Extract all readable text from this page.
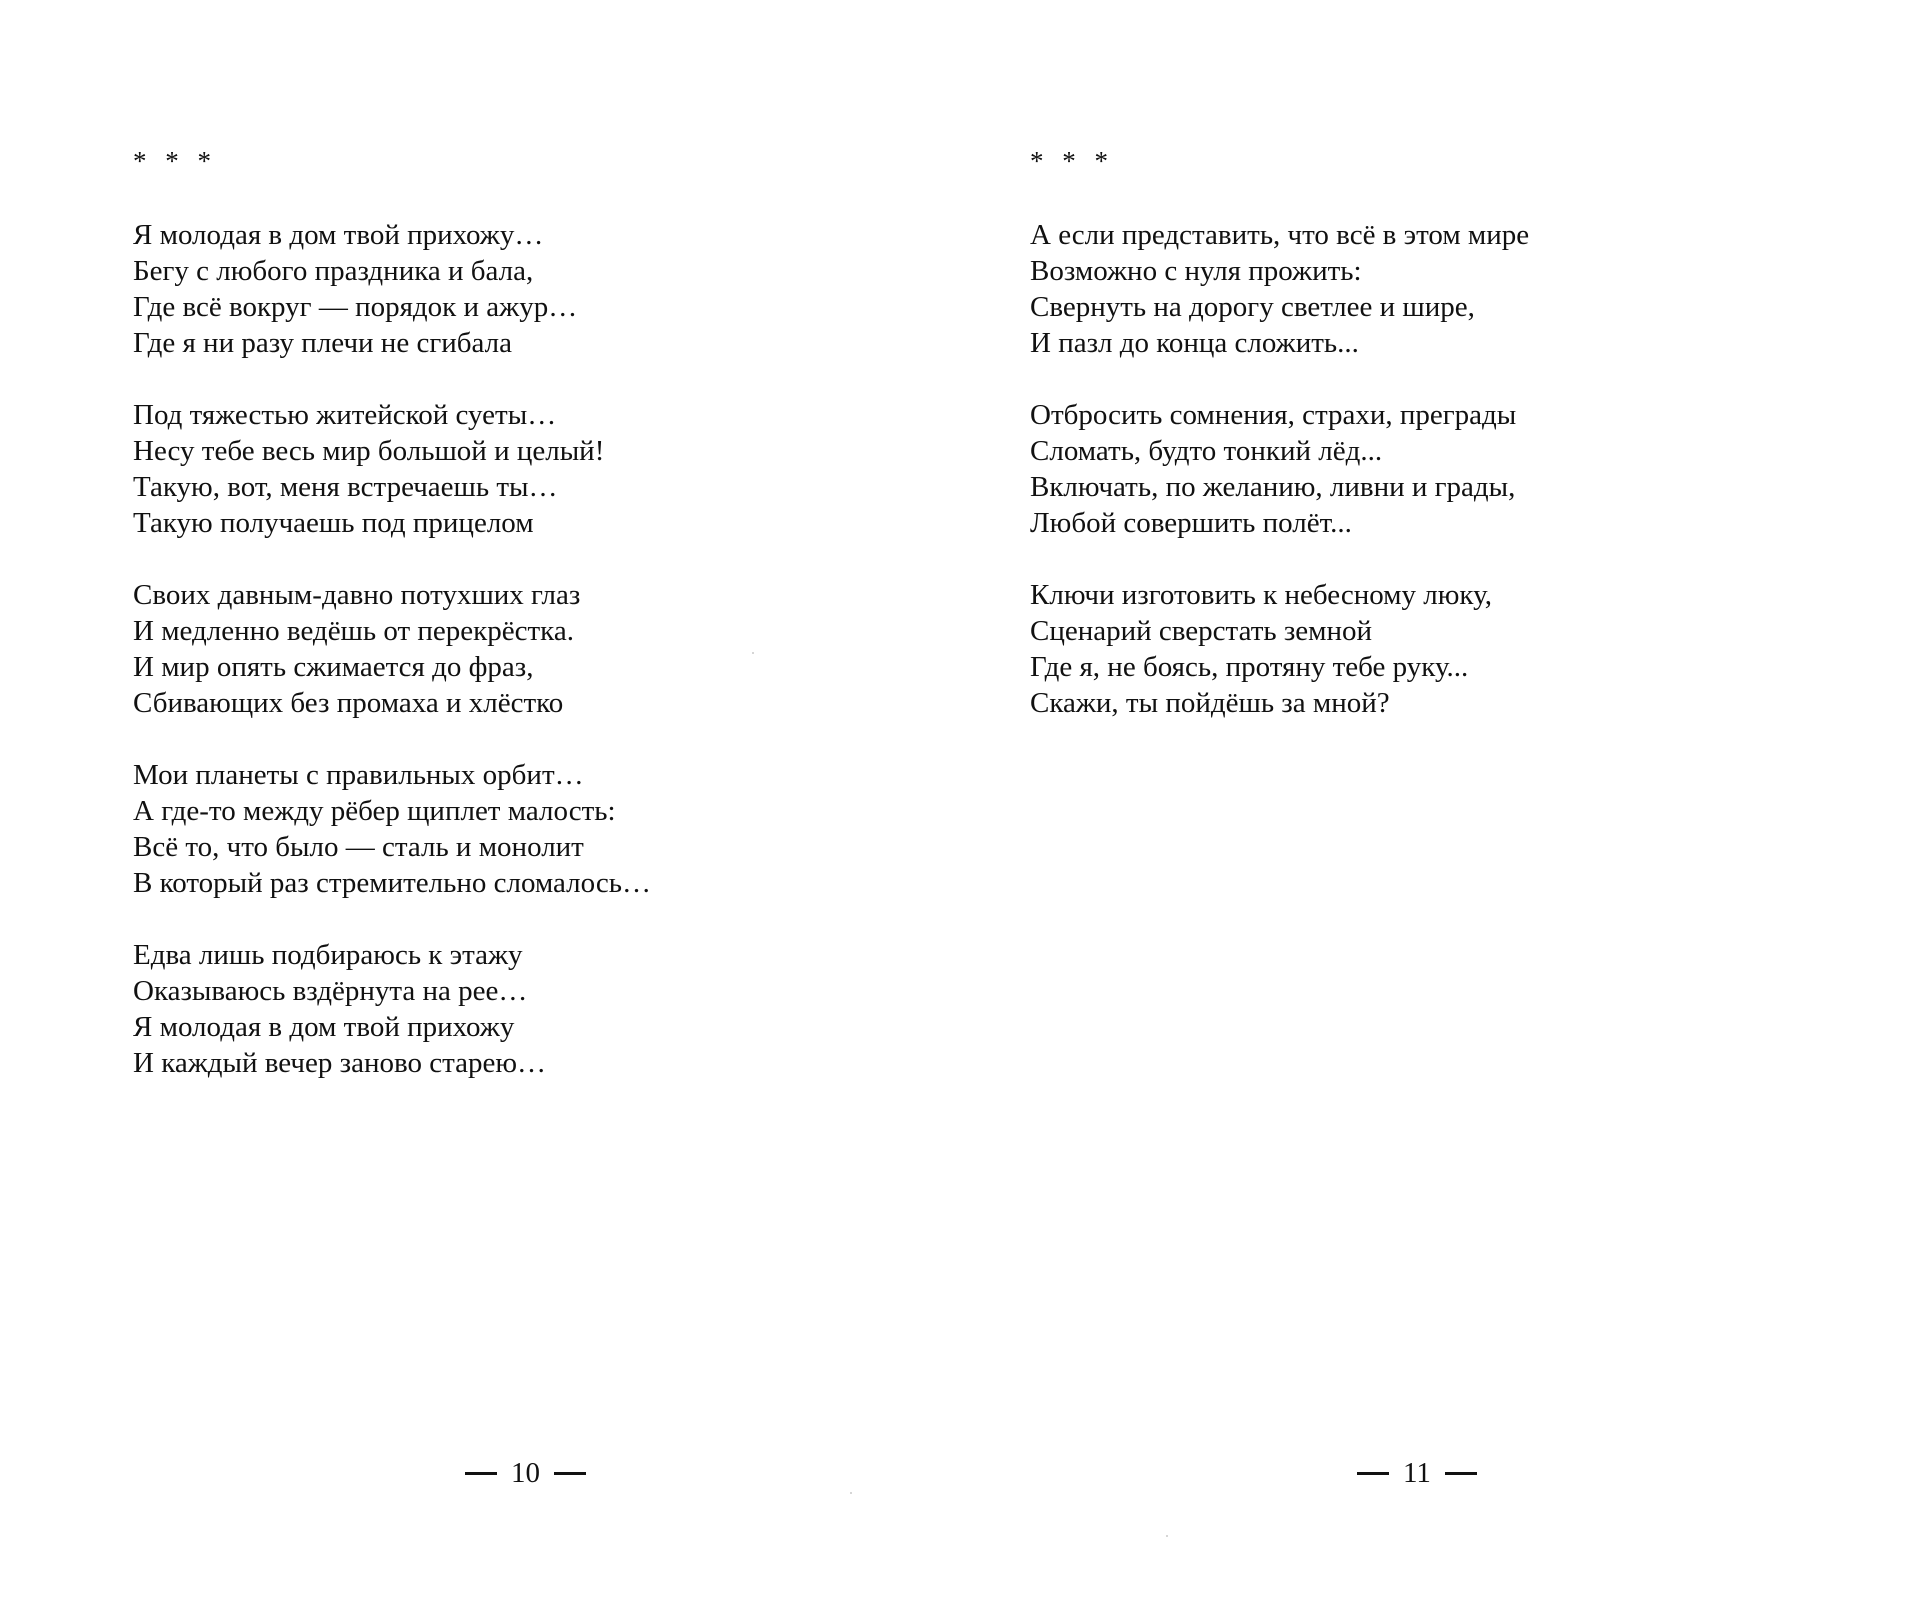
* * *
Я молодая в дом твой прихожу…
Бегу с любого праздника и бала,
Где всё вокруг — порядок и ажур…
Где я ни разу плечи не сгибала
Под тяжестью житейской суеты…
Несу тебе весь мир большой и целый!
Такую, вот, меня встречаешь ты…
Такую получаешь под прицелом
Своих давным-давно потухших глаз
И медленно ведёшь от перекрёстка.
И мир опять сжимается до фраз,
Сбивающих без промаха и хлёстко
Мои планеты с правильных орбит…
А где-то между рёбер щиплет малость:
Всё то, что было — сталь и монолит
В который раз стремительно сломалось…
Едва лишь подбираюсь к этажу
Оказываюсь вздёрнута на рее…
Я молодая в дом твой прихожу
И каждый вечер заново старею…
10
* * *
А если представить, что всё в этом мире
Возможно с нуля прожить:
Свернуть на дорогу светлее и шире,
И пазл до конца сложить...
Отбросить сомнения, страхи, преграды
Сломать, будто тонкий лёд...
Включать, по желанию, ливни и грады,
Любой совершить полёт...
Ключи изготовить к небесному люку,
Сценарий сверстать земной
Где я, не боясь, протяну тебе руку...
Скажи, ты пойдёшь за мной?
11
